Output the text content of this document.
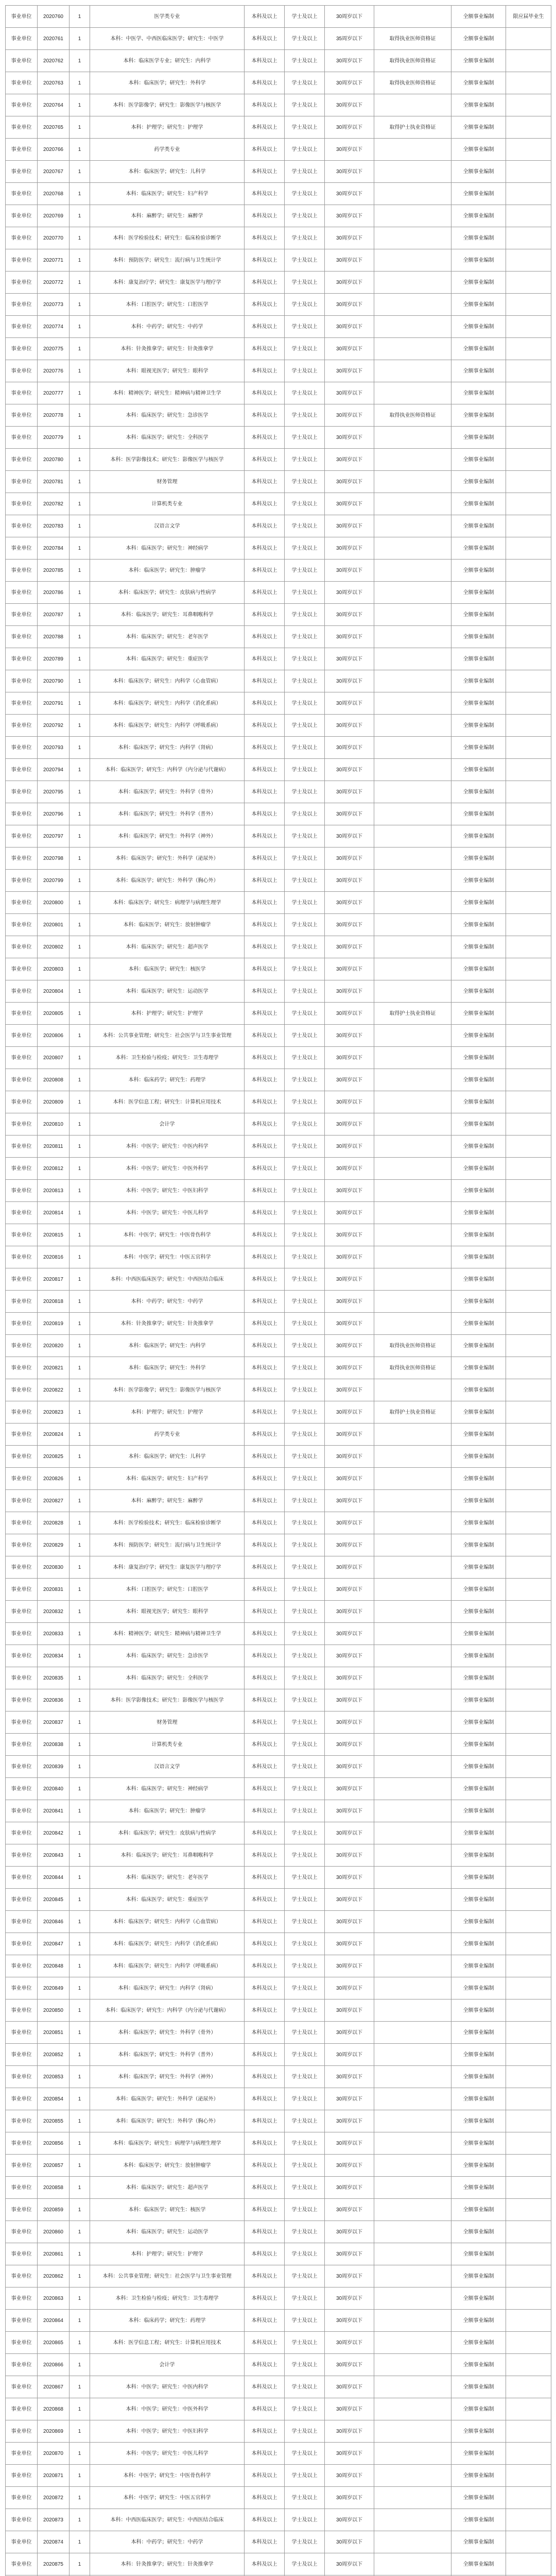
事业单位	2020760	1	医学类专业	本科及以上	学士及以上	30周岁以下		全额事业编制	限应届毕业生
事业单位	2020761	1	本科：中医学、中西医临床医学；研究生：中医学	本科及以上	学士及以上	35周岁以下	取得执业医师资格证	全额事业编制	
事业单位	2020762	1	本科：临床医学专业；研究生：内科学	本科及以上	学士及以上	30周岁以下	取得执业医师资格证	全额事业编制	
事业单位	2020763	1	本科：临床医学；研究生：外科学	本科及以上	学士及以上	30周岁以下	取得执业医师资格证	全额事业编制	
事业单位	2020764	1	本科：医学影像学；研究生：影像医学与核医学	本科及以上	学士及以上	30周岁以下		全额事业编制	
事业单位	2020765	1	本科：护理学；研究生：护理学	本科及以上	学士及以上	30周岁以下	取得护士执业资格证	全额事业编制	
事业单位	2020766	1	药学类专业	本科及以上	学士及以上	30周岁以下		全额事业编制	
事业单位	2020767	1	本科：临床医学；研究生：儿科学	本科及以上	学士及以上	30周岁以下		全额事业编制	
事业单位	2020768	1	本科：临床医学；研究生：妇产科学	本科及以上	学士及以上	30周岁以下		全额事业编制	
事业单位	2020769	1	本科：麻醉学；研究生：麻醉学	本科及以上	学士及以上	30周岁以下		全额事业编制	
事业单位	2020770	1	本科：医学检验技术；研究生：临床检验诊断学	本科及以上	学士及以上	30周岁以下		全额事业编制	
事业单位	2020771	1	本科：预防医学；研究生：流行病与卫生统计学	本科及以上	学士及以上	30周岁以下		全额事业编制	
事业单位	2020772	1	本科：康复治疗学；研究生：康复医学与理疗学	本科及以上	学士及以上	30周岁以下		全额事业编制	
事业单位	2020773	1	本科：口腔医学；研究生：口腔医学	本科及以上	学士及以上	30周岁以下		全额事业编制	
事业单位	2020774	1	本科：中药学；研究生：中药学	本科及以上	学士及以上	30周岁以下		全额事业编制	
事业单位	2020775	1	本科：针灸推拿学；研究生：针灸推拿学	本科及以上	学士及以上	30周岁以下		全额事业编制	
事业单位	2020776	1	本科：眼视光医学；研究生：眼科学	本科及以上	学士及以上	30周岁以下		全额事业编制	
事业单位	2020777	1	本科：精神医学；研究生：精神病与精神卫生学	本科及以上	学士及以上	30周岁以下		全额事业编制	
事业单位	2020778	1	本科：临床医学；研究生：急诊医学	本科及以上	学士及以上	30周岁以下	取得执业医师资格证	全额事业编制	
事业单位	2020779	1	本科：临床医学；研究生：全科医学	本科及以上	学士及以上	30周岁以下		全额事业编制	
事业单位	2020780	1	本科：医学影像技术；研究生：影像医学与核医学	本科及以上	学士及以上	30周岁以下		全额事业编制	
事业单位	2020781	1	财务管理	本科及以上	学士及以上	30周岁以下		全额事业编制	
事业单位	2020782	1	计算机类专业	本科及以上	学士及以上	30周岁以下		全额事业编制	
事业单位	2020783	1	汉语言文学	本科及以上	学士及以上	30周岁以下		全额事业编制	
事业单位	2020784	1	本科：临床医学；研究生：神经病学	本科及以上	学士及以上	30周岁以下		全额事业编制	
事业单位	2020785	1	本科：临床医学；研究生：肿瘤学	本科及以上	学士及以上	30周岁以下		全额事业编制	
事业单位	2020786	1	本科：临床医学；研究生：皮肤病与性病学	本科及以上	学士及以上	30周岁以下		全额事业编制	
事业单位	2020787	1	本科：临床医学；研究生：耳鼻咽喉科学	本科及以上	学士及以上	30周岁以下		全额事业编制	
事业单位	2020788	1	本科：临床医学；研究生：老年医学	本科及以上	学士及以上	30周岁以下		全额事业编制	
事业单位	2020789	1	本科：临床医学；研究生：重症医学	本科及以上	学士及以上	30周岁以下		全额事业编制	
事业单位	2020790	1	本科：临床医学；研究生：内科学（心血管病）	本科及以上	学士及以上	30周岁以下		全额事业编制	
事业单位	2020791	1	本科：临床医学；研究生：内科学（消化系病）	本科及以上	学士及以上	30周岁以下		全额事业编制	
事业单位	2020792	1	本科：临床医学；研究生：内科学（呼吸系病）	本科及以上	学士及以上	30周岁以下		全额事业编制	
事业单位	2020793	1	本科：临床医学；研究生：内科学（肾病）	本科及以上	学士及以上	30周岁以下		全额事业编制	
事业单位	2020794	1	本科：临床医学；研究生：内科学（内分泌与代谢病）	本科及以上	学士及以上	30周岁以下		全额事业编制	
事业单位	2020795	1	本科：临床医学；研究生：外科学（骨外）	本科及以上	学士及以上	30周岁以下		全额事业编制	
事业单位	2020796	1	本科：临床医学；研究生：外科学（普外）	本科及以上	学士及以上	30周岁以下		全额事业编制	
事业单位	2020797	1	本科：临床医学；研究生：外科学（神外）	本科及以上	学士及以上	30周岁以下		全额事业编制	
事业单位	2020798	1	本科：临床医学；研究生：外科学（泌尿外）	本科及以上	学士及以上	30周岁以下		全额事业编制	
事业单位	2020799	1	本科：临床医学；研究生：外科学（胸心外）	本科及以上	学士及以上	30周岁以下		全额事业编制	
事业单位	2020800	1	本科：临床医学；研究生：病理学与病理生理学	本科及以上	学士及以上	30周岁以下		全额事业编制	
事业单位	2020801	1	本科：临床医学；研究生：放射肿瘤学	本科及以上	学士及以上	30周岁以下		全额事业编制	
事业单位	2020802	1	本科：临床医学；研究生：超声医学	本科及以上	学士及以上	30周岁以下		全额事业编制	
事业单位	2020803	1	本科：临床医学；研究生：核医学	本科及以上	学士及以上	30周岁以下		全额事业编制	
事业单位	2020804	1	本科：临床医学；研究生：运动医学	本科及以上	学士及以上	30周岁以下		全额事业编制	
事业单位	2020805	1	本科：护理学；研究生：护理学	本科及以上	学士及以上	30周岁以下	取得护士执业资格证	全额事业编制	
事业单位	2020806	1	本科：公共事业管理；研究生：社会医学与卫生事业管理	本科及以上	学士及以上	30周岁以下		全额事业编制	
事业单位	2020807	1	本科：卫生检验与检疫；研究生：卫生毒理学	本科及以上	学士及以上	30周岁以下		全额事业编制	
事业单位	2020808	1	本科：临床药学；研究生：药理学	本科及以上	学士及以上	30周岁以下		全额事业编制	
事业单位	2020809	1	本科：医学信息工程；研究生：计算机应用技术	本科及以上	学士及以上	30周岁以下		全额事业编制	
事业单位	2020810	1	会计学	本科及以上	学士及以上	30周岁以下		全额事业编制	
事业单位	2020811	1	本科：中医学；研究生：中医内科学	本科及以上	学士及以上	30周岁以下		全额事业编制	
事业单位	2020812	1	本科：中医学；研究生：中医外科学	本科及以上	学士及以上	30周岁以下		全额事业编制	
事业单位	2020813	1	本科：中医学；研究生：中医妇科学	本科及以上	学士及以上	30周岁以下		全额事业编制	
事业单位	2020814	1	本科：中医学；研究生：中医儿科学	本科及以上	学士及以上	30周岁以下		全额事业编制	
事业单位	2020815	1	本科：中医学；研究生：中医骨伤科学	本科及以上	学士及以上	30周岁以下		全额事业编制	
事业单位	2020816	1	本科：中医学；研究生：中医五官科学	本科及以上	学士及以上	30周岁以下		全额事业编制	
事业单位	2020817	1	本科：中西医临床医学；研究生：中西医结合临床	本科及以上	学士及以上	30周岁以下		全额事业编制	
事业单位	2020818	1	本科：中药学；研究生：中药学	本科及以上	学士及以上	30周岁以下		全额事业编制	
事业单位	2020819	1	本科：针灸推拿学；研究生：针灸推拿学	本科及以上	学士及以上	30周岁以下		全额事业编制	
事业单位	2020820	1	本科：临床医学；研究生：内科学	本科及以上	学士及以上	30周岁以下	取得执业医师资格证	全额事业编制	
事业单位	2020821	1	本科：临床医学；研究生：外科学	本科及以上	学士及以上	30周岁以下	取得执业医师资格证	全额事业编制	
事业单位	2020822	1	本科：医学影像学；研究生：影像医学与核医学	本科及以上	学士及以上	30周岁以下		全额事业编制	
事业单位	2020823	1	本科：护理学；研究生：护理学	本科及以上	学士及以上	30周岁以下	取得护士执业资格证	全额事业编制	
事业单位	2020824	1	药学类专业	本科及以上	学士及以上	30周岁以下		全额事业编制	
事业单位	2020825	1	本科：临床医学；研究生：儿科学	本科及以上	学士及以上	30周岁以下		全额事业编制	
事业单位	2020826	1	本科：临床医学；研究生：妇产科学	本科及以上	学士及以上	30周岁以下		全额事业编制	
事业单位	2020827	1	本科：麻醉学；研究生：麻醉学	本科及以上	学士及以上	30周岁以下		全额事业编制	
事业单位	2020828	1	本科：医学检验技术；研究生：临床检验诊断学	本科及以上	学士及以上	30周岁以下		全额事业编制	
事业单位	2020829	1	本科：预防医学；研究生：流行病与卫生统计学	本科及以上	学士及以上	30周岁以下		全额事业编制	
事业单位	2020830	1	本科：康复治疗学；研究生：康复医学与理疗学	本科及以上	学士及以上	30周岁以下		全额事业编制	
事业单位	2020831	1	本科：口腔医学；研究生：口腔医学	本科及以上	学士及以上	30周岁以下		全额事业编制	
事业单位	2020832	1	本科：眼视光医学；研究生：眼科学	本科及以上	学士及以上	30周岁以下		全额事业编制	
事业单位	2020833	1	本科：精神医学；研究生：精神病与精神卫生学	本科及以上	学士及以上	30周岁以下		全额事业编制	
事业单位	2020834	1	本科：临床医学；研究生：急诊医学	本科及以上	学士及以上	30周岁以下		全额事业编制	
事业单位	2020835	1	本科：临床医学；研究生：全科医学	本科及以上	学士及以上	30周岁以下		全额事业编制	
事业单位	2020836	1	本科：医学影像技术；研究生：影像医学与核医学	本科及以上	学士及以上	30周岁以下		全额事业编制	
事业单位	2020837	1	财务管理	本科及以上	学士及以上	30周岁以下		全额事业编制	
事业单位	2020838	1	计算机类专业	本科及以上	学士及以上	30周岁以下		全额事业编制	
事业单位	2020839	1	汉语言文学	本科及以上	学士及以上	30周岁以下		全额事业编制	
事业单位	2020840	1	本科：临床医学；研究生：神经病学	本科及以上	学士及以上	30周岁以下		全额事业编制	
事业单位	2020841	1	本科：临床医学；研究生：肿瘤学	本科及以上	学士及以上	30周岁以下		全额事业编制	
事业单位	2020842	1	本科：临床医学；研究生：皮肤病与性病学	本科及以上	学士及以上	30周岁以下		全额事业编制	
事业单位	2020843	1	本科：临床医学；研究生：耳鼻咽喉科学	本科及以上	学士及以上	30周岁以下		全额事业编制	
事业单位	2020844	1	本科：临床医学；研究生：老年医学	本科及以上	学士及以上	30周岁以下		全额事业编制	
事业单位	2020845	1	本科：临床医学；研究生：重症医学	本科及以上	学士及以上	30周岁以下		全额事业编制	
事业单位	2020846	1	本科：临床医学；研究生：内科学（心血管病）	本科及以上	学士及以上	30周岁以下		全额事业编制	
事业单位	2020847	1	本科：临床医学；研究生：内科学（消化系病）	本科及以上	学士及以上	30周岁以下		全额事业编制	
事业单位	2020848	1	本科：临床医学；研究生：内科学（呼吸系病）	本科及以上	学士及以上	30周岁以下		全额事业编制	
事业单位	2020849	1	本科：临床医学；研究生：内科学（肾病）	本科及以上	学士及以上	30周岁以下		全额事业编制	
事业单位	2020850	1	本科：临床医学；研究生：内科学（内分泌与代谢病）	本科及以上	学士及以上	30周岁以下		全额事业编制	
事业单位	2020851	1	本科：临床医学；研究生：外科学（骨外）	本科及以上	学士及以上	30周岁以下		全额事业编制	
事业单位	2020852	1	本科：临床医学；研究生：外科学（普外）	本科及以上	学士及以上	30周岁以下		全额事业编制	
事业单位	2020853	1	本科：临床医学；研究生：外科学（神外）	本科及以上	学士及以上	30周岁以下		全额事业编制	
事业单位	2020854	1	本科：临床医学；研究生：外科学（泌尿外）	本科及以上	学士及以上	30周岁以下		全额事业编制	
事业单位	2020855	1	本科：临床医学；研究生：外科学（胸心外）	本科及以上	学士及以上	30周岁以下		全额事业编制	
事业单位	2020856	1	本科：临床医学；研究生：病理学与病理生理学	本科及以上	学士及以上	30周岁以下		全额事业编制	
事业单位	2020857	1	本科：临床医学；研究生：放射肿瘤学	本科及以上	学士及以上	30周岁以下		全额事业编制	
事业单位	2020858	1	本科：临床医学；研究生：超声医学	本科及以上	学士及以上	30周岁以下		全额事业编制	
事业单位	2020859	1	本科：临床医学；研究生：核医学	本科及以上	学士及以上	30周岁以下		全额事业编制	
事业单位	2020860	1	本科：临床医学；研究生：运动医学	本科及以上	学士及以上	30周岁以下		全额事业编制	
事业单位	2020861	1	本科：护理学；研究生：护理学	本科及以上	学士及以上	30周岁以下		全额事业编制	
事业单位	2020862	1	本科：公共事业管理；研究生：社会医学与卫生事业管理	本科及以上	学士及以上	30周岁以下		全额事业编制	
事业单位	2020863	1	本科：卫生检验与检疫；研究生：卫生毒理学	本科及以上	学士及以上	30周岁以下		全额事业编制	
事业单位	2020864	1	本科：临床药学；研究生：药理学	本科及以上	学士及以上	30周岁以下		全额事业编制	
事业单位	2020865	1	本科：医学信息工程；研究生：计算机应用技术	本科及以上	学士及以上	30周岁以下		全额事业编制	
事业单位	2020866	1	会计学	本科及以上	学士及以上	30周岁以下		全额事业编制	
事业单位	2020867	1	本科：中医学；研究生：中医内科学	本科及以上	学士及以上	30周岁以下		全额事业编制	
事业单位	2020868	1	本科：中医学；研究生：中医外科学	本科及以上	学士及以上	30周岁以下		全额事业编制	
事业单位	2020869	1	本科：中医学；研究生：中医妇科学	本科及以上	学士及以上	30周岁以下		全额事业编制	
事业单位	2020870	1	本科：中医学；研究生：中医儿科学	本科及以上	学士及以上	30周岁以下		全额事业编制	
事业单位	2020871	1	本科：中医学；研究生：中医骨伤科学	本科及以上	学士及以上	30周岁以下		全额事业编制	
事业单位	2020872	1	本科：中医学；研究生：中医五官科学	本科及以上	学士及以上	30周岁以下		全额事业编制	
事业单位	2020873	1	本科：中西医临床医学；研究生：中西医结合临床	本科及以上	学士及以上	30周岁以下		全额事业编制	
事业单位	2020874	1	本科：中药学；研究生：中药学	本科及以上	学士及以上	30周岁以下		全额事业编制	
事业单位	2020875	1	本科：针灸推拿学；研究生：针灸推拿学	本科及以上	学士及以上	30周岁以下		全额事业编制	
